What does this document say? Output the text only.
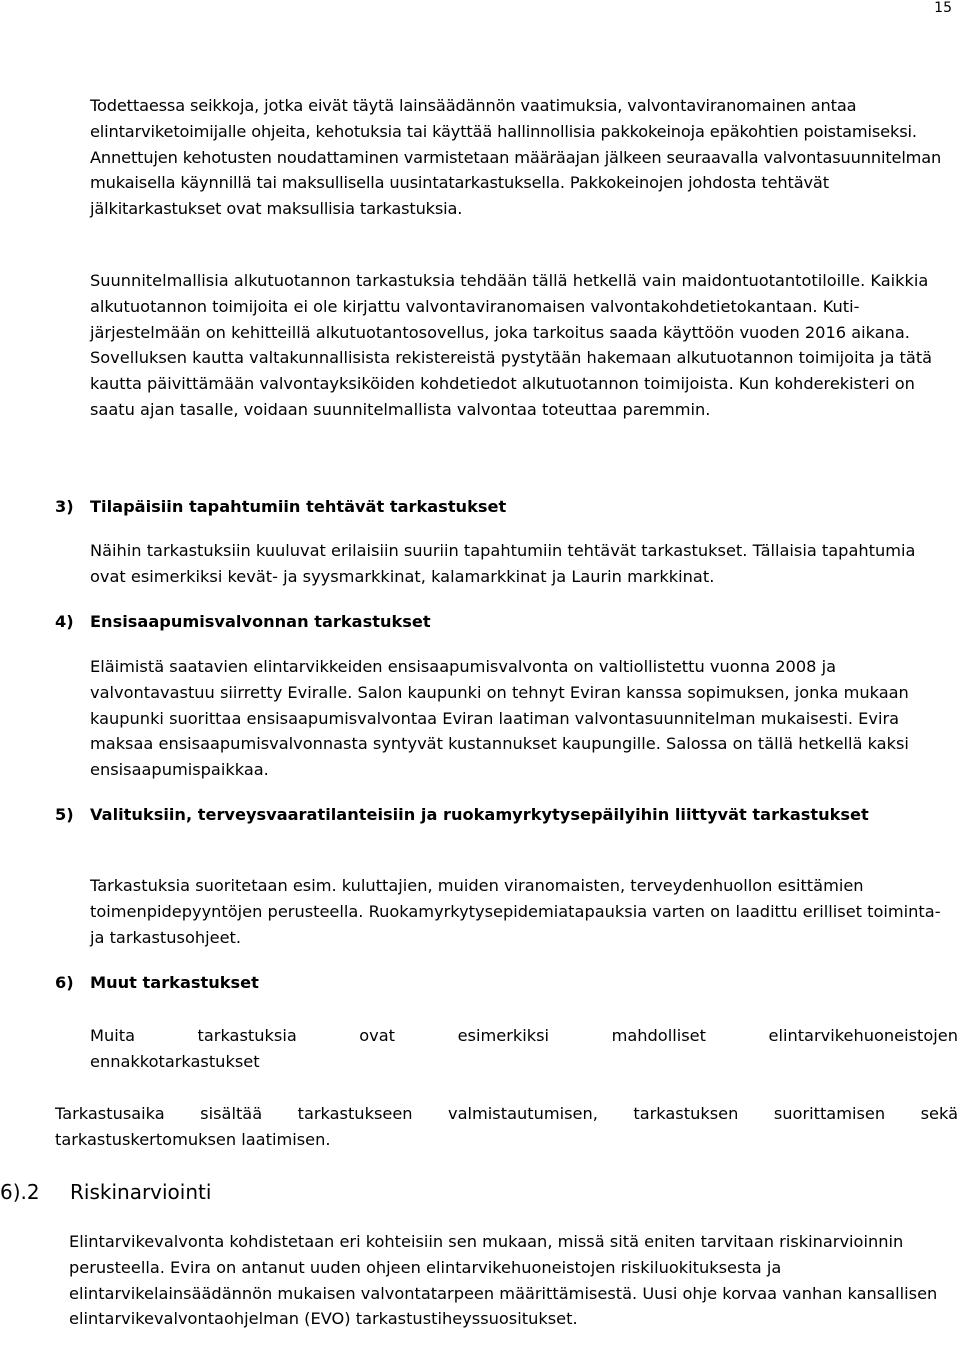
15

Todettaessa seikkoja, jotka eivät täytä lainsäädännön vaatimuksia, valvontaviranomainen antaa elintarviketoimijalle ohjeita, kehotuksia tai käyttää hallinnollisia pakkokeinoja epäkohtien poistamiseksi. Annettujen kehotusten noudattaminen varmistetaan määräajan jälkeen seuraavalla valvontasuunnitelman mukaisella käynnillä tai maksullisella uusintatarkastuksella. Pakkokeinojen johdosta tehtävät jälkitarkastukset ovat maksullisia tarkastuksia.

Suunnitelmallisia alkutuotannon tarkastuksia tehdään tällä hetkellä vain maidontuotantotiloille. Kaikkia alkutuotannon toimijoita ei ole kirjattu valvontaviranomaisen valvontakohdetietokantaan. Kuti-järjestelmään on kehitteillä alkutuotantosovellus, joka tarkoitus saada käyttöön vuoden 2016 aikana. Sovelluksen kautta valtakunnallisista rekistereistä pystytään hakemaan alkutuotannon toimijoita ja tätä kautta päivittämään valvontayksiköiden kohdetiedot alkutuotannon toimijoista. Kun kohderekisteri on saatu ajan tasalle, voidaan suunnitelmallista valvontaa toteuttaa paremmin.

3) Tilapäisiin tapahtumiin tehtävät tarkastukset

Näihin tarkastuksiin kuuluvat erilaisiin suuriin tapahtumiin tehtävät tarkastukset. Tällaisia tapahtumia ovat esimerkiksi kevät- ja syysmarkkinat, kalamarkkinat ja Laurin markkinat.

4) Ensisaapumisvalvonnan tarkastukset

Eläimistä saatavien elintarvikkeiden ensisaapumisvalvonta on valtiollistettu vuonna 2008 ja valvontavastuu siirretty Eviralle. Salon kaupunki on tehnyt Eviran kanssa sopimuksen, jonka mukaan kaupunki suorittaa ensisaapumisvalvontaa Eviran laatiman valvontasuunnitelman mukaisesti. Evira maksaa ensisaapumisvalvonnasta syntyvät kustannukset kaupungille. Salossa on tällä hetkellä kaksi ensisaapumispaikkaa.

5) Valituksiin, terveysvaaratilanteisiin ja ruokamyrkytysepäilyihin liittyvät tarkastukset

Tarkastuksia suoritetaan esim. kuluttajien, muiden viranomaisten, terveydenhuollon esittämien toimenpidepyyntöjen perusteella. Ruokamyrkytysepidemiatapauksia varten on laadittu erilliset toiminta- ja tarkastusohjeet.

6) Muut tarkastukset

Muita tarkastuksia ovat esimerkiksi mahdolliset elintarvikehuoneistojen

ennakkotarkastukset

Tarkastusaika sisältää tarkastukseen valmistautumisen, tarkastuksen suorittamisen sekä tarkastuskertomuksen laatimisen.

6).2 Riskinarviointi

Elintarvikevalvonta kohdistetaan eri kohteisiin sen mukaan, missä sitä eniten tarvitaan riskinarvioinnin perusteella. Evira on antanut uuden ohjeen elintarvikehuoneistojen riskiluokituksesta ja elintarvikelainsäädännön mukaisen valvontatarpeen määrittämisestä. Uusi ohje korvaa vanhan kansallisen elintarvikevalvontaohjelman (EVO) tarkastustiheyssuositukset.
